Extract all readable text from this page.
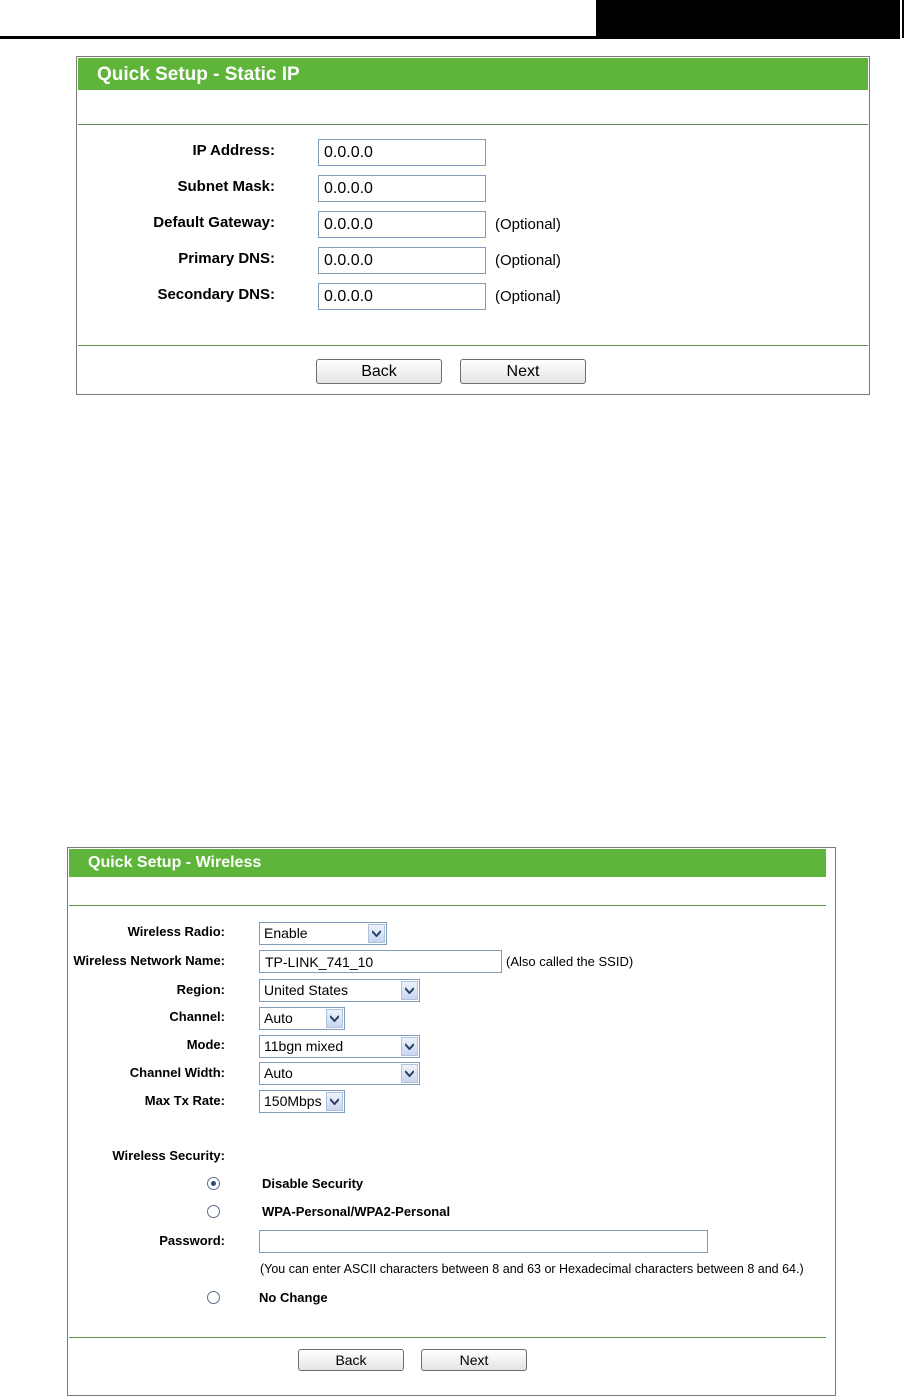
Quick Setup - Static IP
IP Address:
0.0.0.0
Subnet Mask:
0.0.0.0
Default Gateway:
0.0.0.0	(Optional)
Primary DNS:
0.0.0.0	(Optional)
Secondary DNS:
0.0.0.0	(Optional)
Back	Next
Quick Setup - Wireless
Wireless Radio:	Enable
Wireless Network Name:
TP-LINK_741_10	(Also called the SSID)
Region:	United States
Channel:	Auto
Mode:	11bgn mixed
Channel Width:	Auto
Max Tx Rate:	150Mbps
Wireless Security:
Disable Security
WPA-Personal/WPA2-Personal
Password:
(You can enter ASCII characters between 8 and 63 or Hexadecimal characters between 8 and 64.)
No Change
Back	Next
